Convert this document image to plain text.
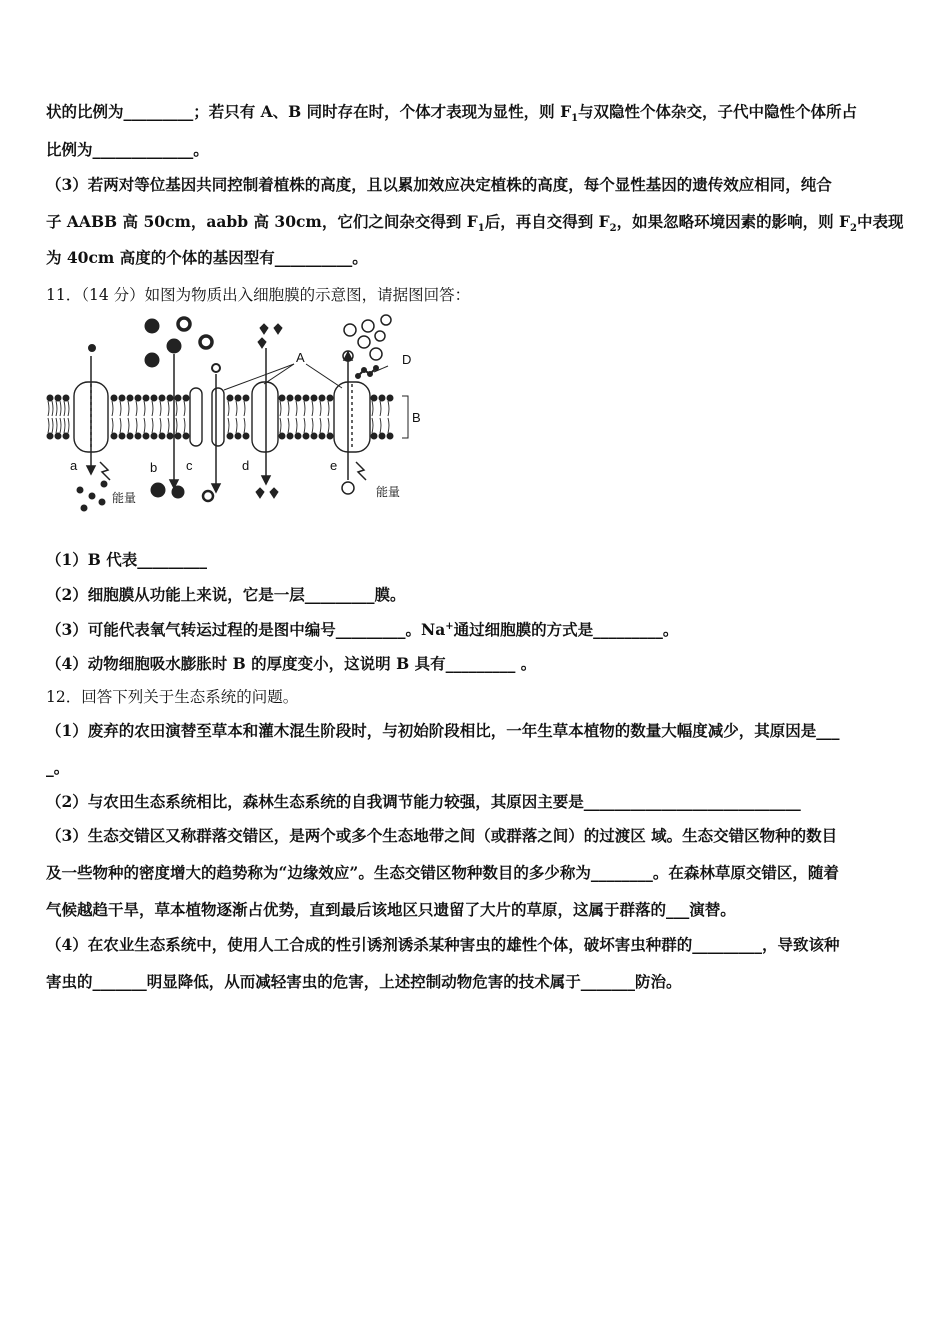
状的比例为_________；若只有 A、B 同时存在时，个体才表现为显性，则 $F_1$与双隐性个体杂交，子代中隐性个体所占
比例为_____________。
（3）若两对等位基因共同控制着植株的高度，且以累加效应决定植株的高度，每个显性基因的遗传效应相同，纯合
子 AABB 高 50cm，aabb 高 30cm，它们之间杂交得到 $F_1$后，再自交得到 $F_2$，如果忽略环境因素的影响，则 $F_2$中表现
为 40cm 高度的个体的基因型有__________。
11．（14 分）如图为物质出入细胞膜的示意图，请据图回答：
A
B
D
a	b c	d	e
能量	能量
（1）B 代表_________
（2）细胞膜从功能上来说，它是一层_________膜。
（3）可能代表氧气转运过程的是图中编号_________。Na+通过细胞膜的方式是_________。
（4）动物细胞吸水膨胀时 B 的厚度变小，这说明 B 具有_________ 。
12．回答下列关于生态系统的问题。
（1）废弃的农田演替至草本和灌木混生阶段时，与初始阶段相比，一年生草本植物的数量大幅度减少，其原因是___
_。
（2）与农田生态系统相比，森林生态系统的自我调节能力较强，其原因主要是____________________________
（3）生态交错区又称群落交错区，是两个或多个生态地带之间（或群落之间）的过渡区 域。生态交错区物种的数目
及一些物种的密度增大的趋势称为“边缘效应”。生态交错区物种数目的多少称为________。在森林草原交错区，随着
气候越趋干旱，草本植物逐渐占优势，直到最后该地区只遗留了大片的草原，这属于群落的___演替。
（4）在农业生态系统中，使用人工合成的性引诱剂诱杀某种害虫的雄性个体，破坏害虫种群的_________，导致该种
害虫的_______明显降低，从而减轻害虫的危害，上述控制动物危害的技术属于_______防治。
